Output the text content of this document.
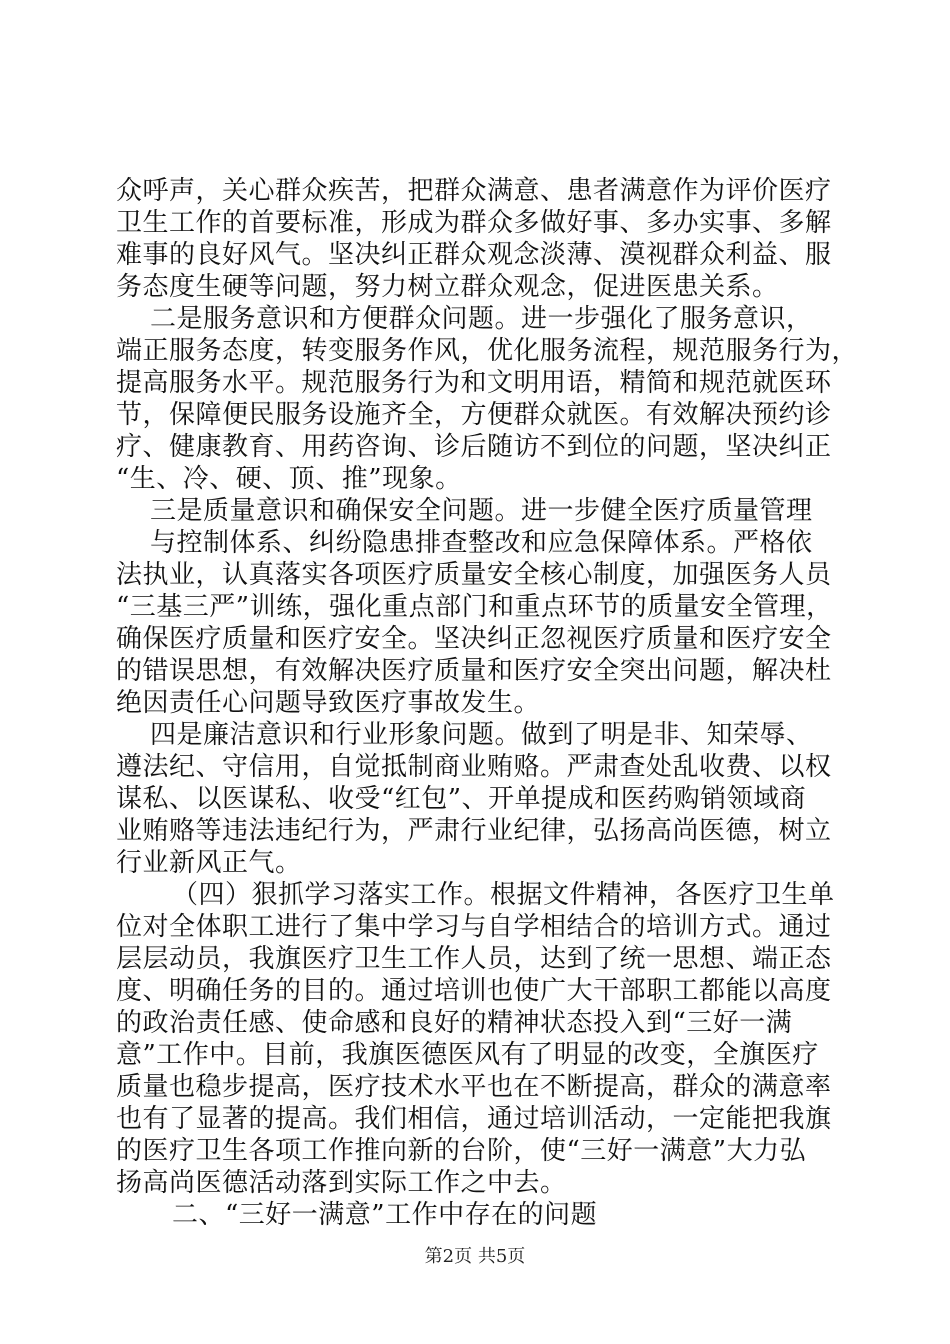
众呼声，关心群众疾苦，把群众满意、患者满意作为评价医疗
卫生工作的首要标准，形成为群众多做好事、多办实事、多解
难事的良好风气。坚决纠正群众观念淡薄、漠视群众利益、服
务态度生硬等问题，努力树立群众观念，促进医患关系。
二是服务意识和方便群众问题。进一步强化了服务意识，
端正服务态度，转变服务作风，优化服务流程，规范服务行为，
提高服务水平。规范服务行为和文明用语，精简和规范就医环
节，保障便民服务设施齐全，方便群众就医。有效解决预约诊
疗、健康教育、用药咨询、诊后随访不到位的问题，坚决纠正
“生、冷、硬、顶、推”现象。
三是质量意识和确保安全问题。进一步健全医疗质量管理
与控制体系、纠纷隐患排查整改和应急保障体系。严格依
法执业，认真落实各项医疗质量安全核心制度，加强医务人员
“三基三严”训练，强化重点部门和重点环节的质量安全管理，
确保医疗质量和医疗安全。坚决纠正忽视医疗质量和医疗安全
的错误思想，有效解决医疗质量和医疗安全突出问题，解决杜
绝因责任心问题导致医疗事故发生。
四是廉洁意识和行业形象问题。做到了明是非、知荣辱、
遵法纪、守信用，自觉抵制商业贿赂。严肃查处乱收费、以权
谋私、以医谋私、收受“红包”、开单提成和医药购销领域商
业贿赂等违法违纪行为，严肃行业纪律，弘扬高尚医德，树立
行业新风正气。
（四）狠抓学习落实工作。根据文件精神，各医疗卫生单
位对全体职工进行了集中学习与自学相结合的培训方式。通过
层层动员，我旗医疗卫生工作人员，达到了统一思想、端正态
度、明确任务的目的。通过培训也使广大干部职工都能以高度
的政治责任感、使命感和良好的精神状态投入到“三好一满
意”工作中。目前，我旗医德医风有了明显的改变，全旗医疗
质量也稳步提高，医疗技术水平也在不断提高，群众的满意率
也有了显著的提高。我们相信，通过培训活动，一定能把我旗
的医疗卫生各项工作推向新的台阶，使“三好一满意”大力弘
扬高尚医德活动落到实际工作之中去。
二、“三好一满意”工作中存在的问题
第2页 共5页
